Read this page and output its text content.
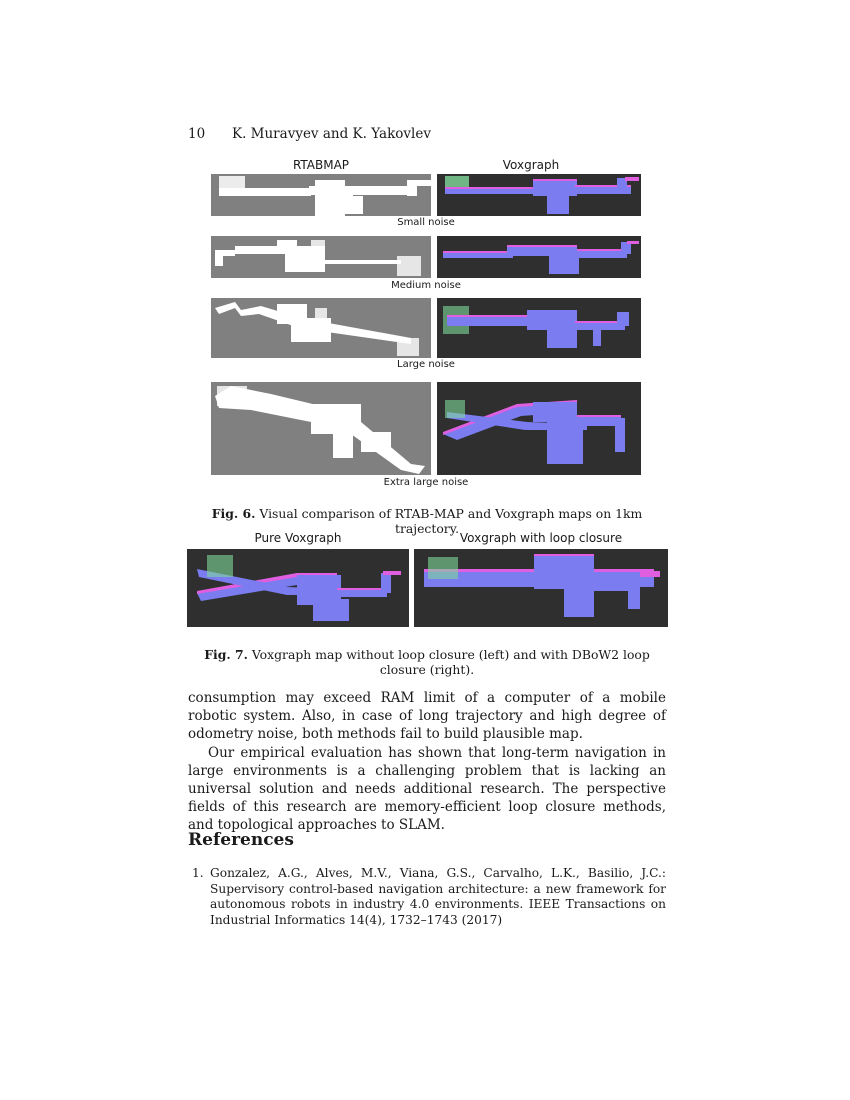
10 K. Muravyev and K. Yakovlev
RTABMAP	Voxgraph
Small noise
Medium noise
Large noise
Extra large noise
Fig. 6. Visual comparison of RTAB-MAP and Voxgraph maps on 1km trajectory.
Pure Voxgraph	Voxgraph with loop closure
Fig. 7. Voxgraph map without loop closure (left) and with DBoW2 loop closure (right).

consumption may exceed RAM limit of a computer of a mobile robotic system. Also, in case of long trajectory and high degree of odometry noise, both methods fail to build plausible map.

Our empirical evaluation has shown that long-term navigation in large environments is a challenging problem that is lacking an universal solution and needs additional research. The perspective fields of this research are memory-efficient loop closure methods, and topological approaches to SLAM.

References
1. Gonzalez, A.G., Alves, M.V., Viana, G.S., Carvalho, L.K., Basilio, J.C.: Supervisory control-based navigation architecture: a new framework for autonomous robots in industry 4.0 environments. IEEE Transactions on Industrial Informatics 14(4), 1732–1743 (2017)
